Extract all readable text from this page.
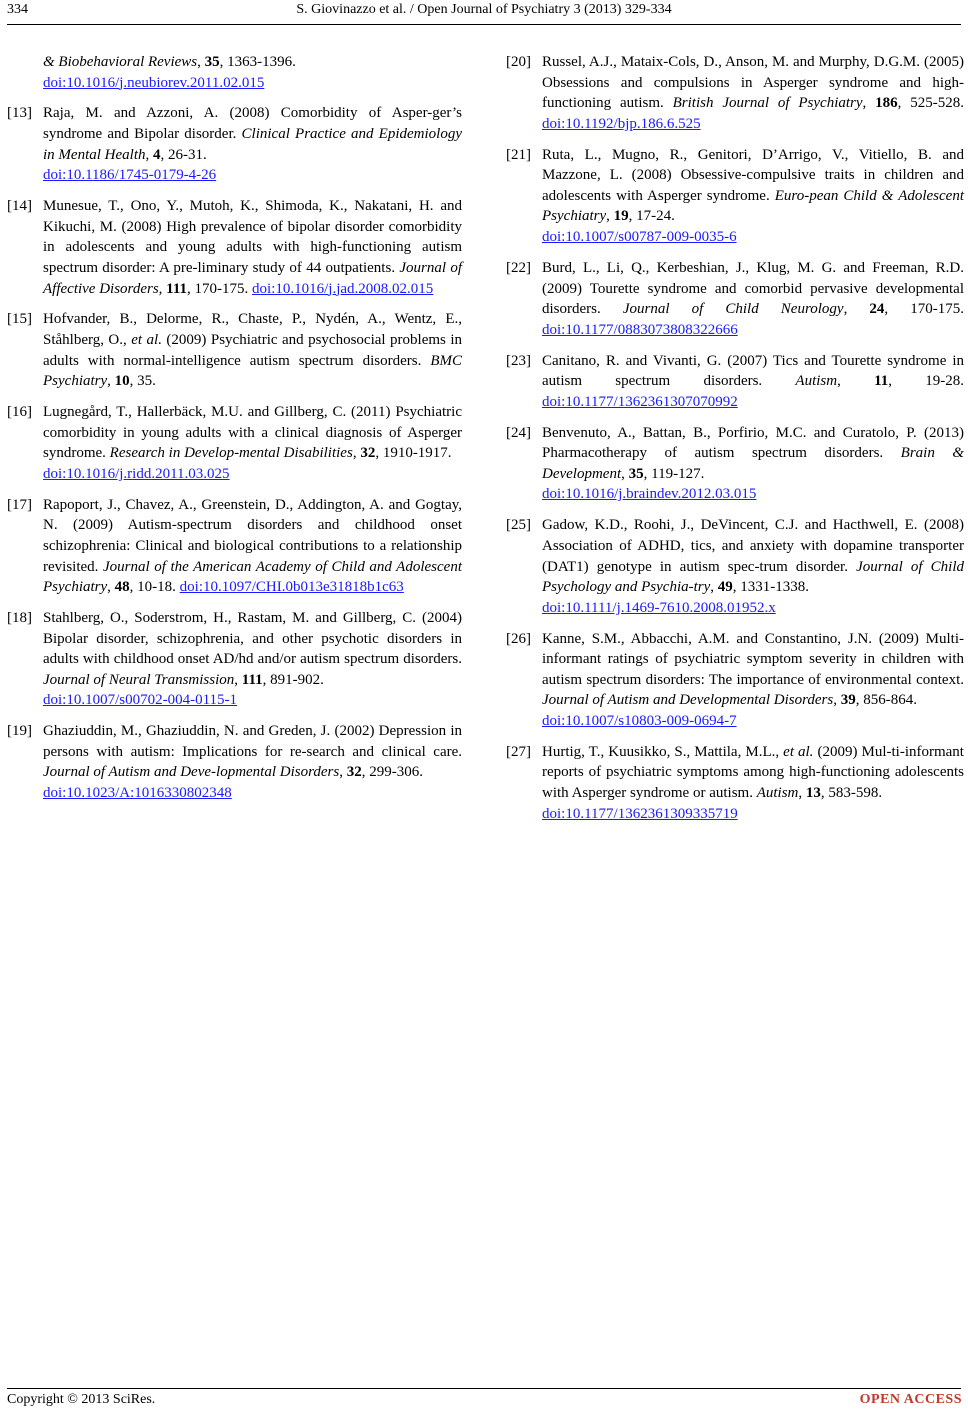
334	S. Giovinazzo et al. / Open Journal of Psychiatry 3 (2013) 329-334
& Biobehavioral Reviews, 35, 1363-1396.
doi:10.1016/j.neubiorev.2011.02.015
[13] Raja, M. and Azzoni, A. (2008) Comorbidity of Asper-ger’s syndrome and Bipolar disorder. Clinical Practice and Epidemiology in Mental Health, 4, 26-31.
doi:10.1186/1745-0179-4-26
[14] Munesue, T., Ono, Y., Mutoh, K., Shimoda, K., Nakatani, H. and Kikuchi, M. (2008) High prevalence of bipolar disorder comorbidity in adolescents and young adults with high-functioning autism spectrum disorder: A pre-liminary study of 44 outpatients. Journal of Affective Disorders, 111, 170-175. doi:10.1016/j.jad.2008.02.015
[15] Hofvander, B., Delorme, R., Chaste, P., Nydén, A., Wentz, E., Ståhlberg, O., et al. (2009) Psychiatric and psychosocial problems in adults with normal-intelligence autism spectrum disorders. BMC Psychiatry, 10, 35.
[16] Lugnegård, T., Hallerbäck, M.U. and Gillberg, C. (2011) Psychiatric comorbidity in young adults with a clinical diagnosis of Asperger syndrome. Research in Develop-mental Disabilities, 32, 1910-1917.
doi:10.1016/j.ridd.2011.03.025
[17] Rapoport, J., Chavez, A., Greenstein, D., Addington, A. and Gogtay, N. (2009) Autism-spectrum disorders and childhood onset schizophrenia: Clinical and biological contributions to a relationship revisited. Journal of the American Academy of Child and Adolescent Psychiatry, 48, 10-18. doi:10.1097/CHI.0b013e31818b1c63
[18] Stahlberg, O., Soderstrom, H., Rastam, M. and Gillberg, C. (2004) Bipolar disorder, schizophrenia, and other psychotic disorders in adults with childhood onset AD/hd and/or autism spectrum disorders. Journal of Neural Transmission, 111, 891-902.
doi:10.1007/s00702-004-0115-1
[19] Ghaziuddin, M., Ghaziuddin, N. and Greden, J. (2002) Depression in persons with autism: Implications for re-search and clinical care. Journal of Autism and Deve-lopmental Disorders, 32, 299-306.
doi:10.1023/A:1016330802348
[20] Russel, A.J., Mataix-Cols, D., Anson, M. and Murphy, D.G.M. (2005) Obsessions and compulsions in Asperger syndrome and high-functioning autism. British Journal of Psychiatry, 186, 525-528. doi:10.1192/bjp.186.6.525
[21] Ruta, L., Mugno, R., Genitori, D’Arrigo, V., Vitiello, B. and Mazzone, L. (2008) Obsessive-compulsive traits in children and adolescents with Asperger syndrome. Euro-pean Child & Adolescent Psychiatry, 19, 17-24.
doi:10.1007/s00787-009-0035-6
[22] Burd, L., Li, Q., Kerbeshian, J., Klug, M. G. and Freeman, R.D. (2009) Tourette syndrome and comorbid pervasive developmental disorders. Journal of Child Neurology, 24, 170-175. doi:10.1177/0883073808322666
[23] Canitano, R. and Vivanti, G. (2007) Tics and Tourette syndrome in autism spectrum disorders. Autism, 11, 19-28. doi:10.1177/1362361307070992
[24] Benvenuto, A., Battan, B., Porfirio, M.C. and Curatolo, P. (2013) Pharmacotherapy of autism spectrum disorders. Brain & Development, 35, 119-127.
doi:10.1016/j.braindev.2012.03.015
[25] Gadow, K.D., Roohi, J., DeVincent, C.J. and Hacthwell, E. (2008) Association of ADHD, tics, and anxiety with dopamine transporter (DAT1) genotype in autism spec-trum disorder. Journal of Child Psychology and Psychia-try, 49, 1331-1338.
doi:10.1111/j.1469-7610.2008.01952.x
[26] Kanne, S.M., Abbacchi, A.M. and Constantino, J.N. (2009) Multi-informant ratings of psychiatric symptom severity in children with autism spectrum disorders: The importance of environmental context. Journal of Autism and Developmental Disorders, 39, 856-864.
doi:10.1007/s10803-009-0694-7
[27] Hurtig, T., Kuusikko, S., Mattila, M.L., et al. (2009) Mul-ti-informant reports of psychiatric symptoms among high-functioning adolescents with Asperger syndrome or autism. Autism, 13, 583-598.
doi:10.1177/1362361309335719
Copyright © 2013 SciRes.	OPEN ACCESS
